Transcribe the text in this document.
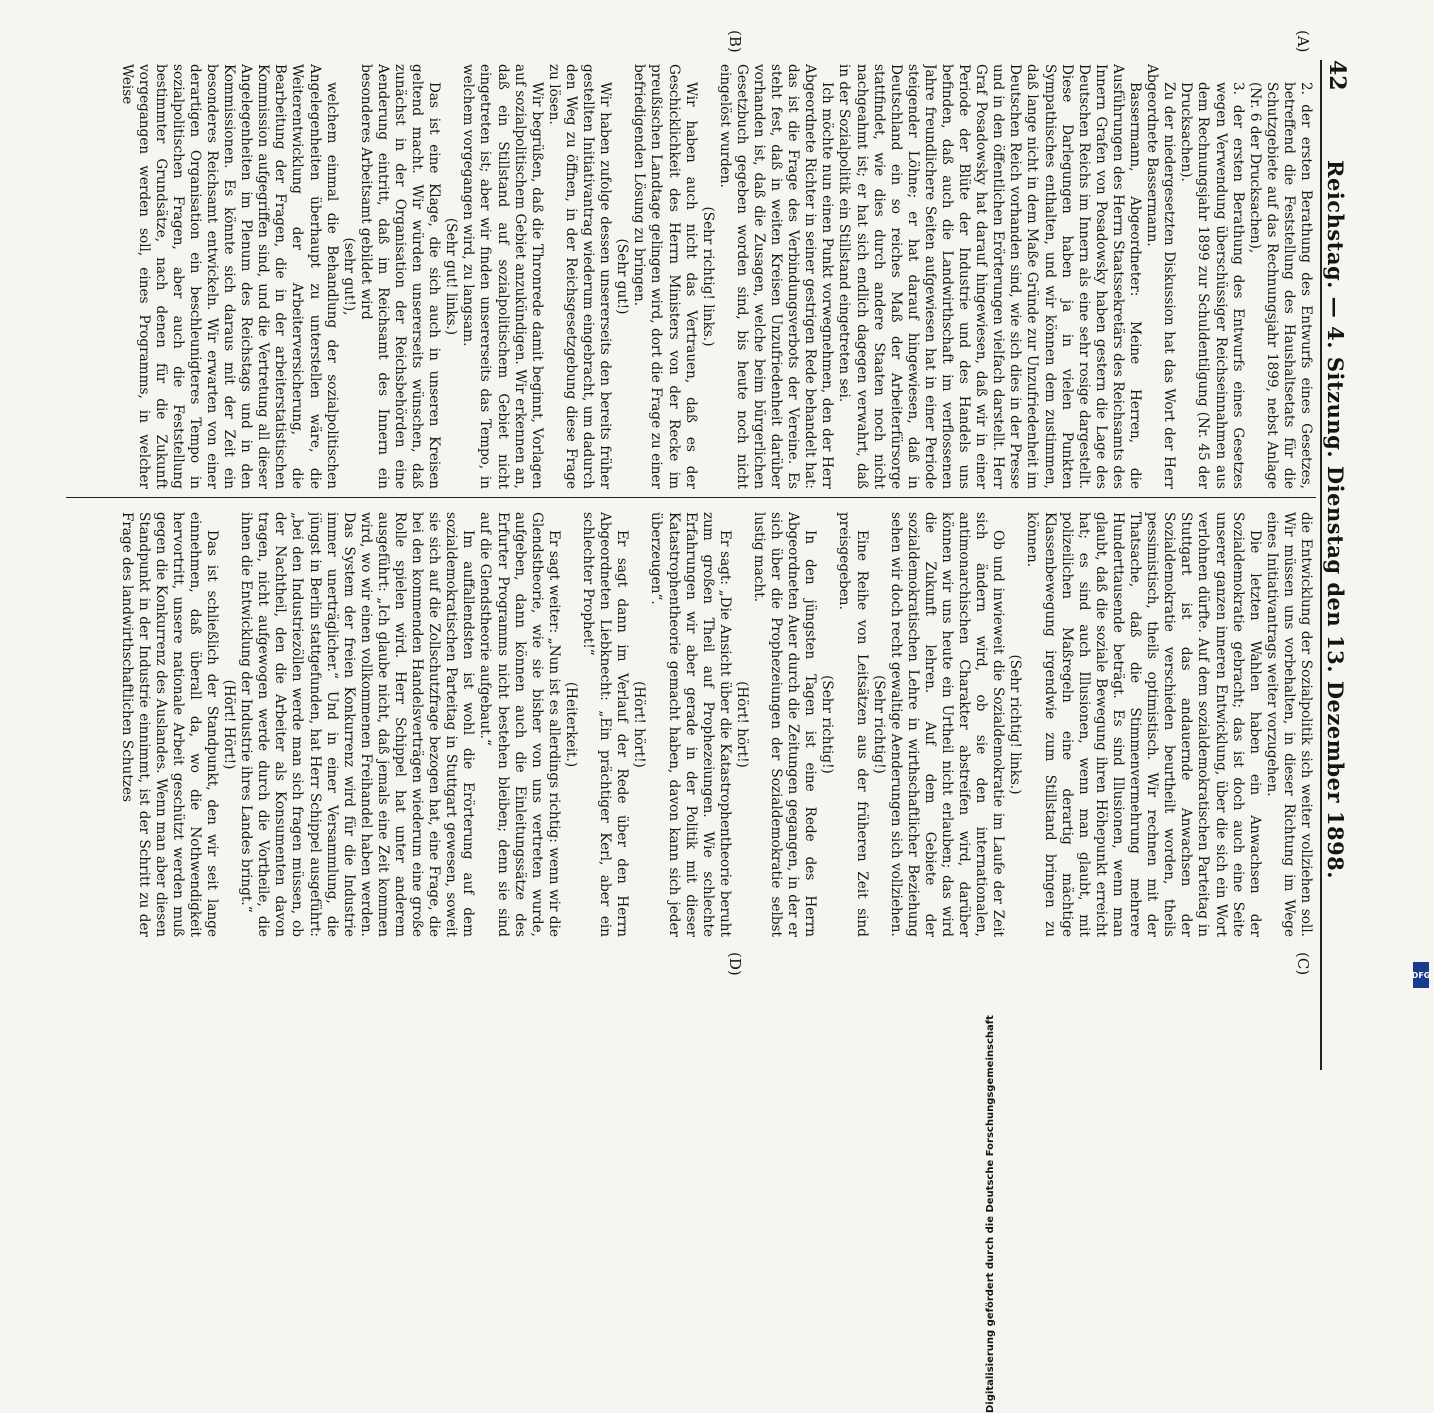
42
Reichstag. — 4. Sitzung. Dienstag den 13. Dezember 1898.
(A)
(B)
(C)
(D)

2. der ersten Berathung des Entwurfs eines Gesetzes, betreffend die Feststellung des Haushaltsetats für die Schutzgebiete auf das Rechnungsjahr 1899, nebst Anlage (Nr. 6 der Drucksachen),

3. der ersten Berathung des Entwurfs eines Gesetzes wegen Verwendung überschüssiger Reichseinnahmen aus dem Rechnungsjahr 1899 zur Schuldentilgung (Nr. 45 der Drucksachen).

Zu der niedergesetzten Diskussion hat das Wort der Herr Abgeordnete Bassermann.

Bassermann, Abgeordneter: Meine Herren, die Ausführungen des Herrn Staatssekretärs des Reichsamts des Innern Grafen von Posadowsky haben gestern die Lage des Deutschen Reichs im Innern als eine sehr rosige dargestellt. Diese Darlegungen haben ja in vielen Punkten Sympathisches enthalten, und wir können dem zustimmen, daß lange nicht in dem Maße Gründe zur Unzufriedenheit im Deutschen Reich vorhanden sind, wie sich dies in der Presse und in den öffentlichen Erörterungen vielfach darstellt. Herr Graf Posadowsky hat darauf hingewiesen, daß wir in einer Periode der Blüte der Industrie und des Handels uns befinden, daß auch die Landwirthschaft im verflossenen Jahre freundlichere Seiten aufgewiesen hat in einer Periode steigender Löhne; er hat darauf hingewiesen, daß in Deutschland ein so reiches Maß der Arbeiterfürsorge stattfindet, wie dies durch andere Staaten noch nicht nachgeahmt ist; er hat sich endlich dagegen verwahrt, daß in der Sozialpolitik ein Stillstand eingetreten sei.

Ich möchte nun einen Punkt vorwegnehmen, den der Herr Abgeordnete Richter in seiner gestrigen Rede behandelt hat: das ist die Frage des Verbindungsverbots der Vereine. Es steht fest, daß in weiten Kreisen Unzufriedenheit darüber vorhanden ist, daß die Zusagen, welche beim bürgerlichen Gesetzbuch gegeben worden sind, bis heute noch nicht eingelöst wurden.

(Sehr richtig! links.)

Wir haben auch nicht das Vertrauen, daß es der Geschicklichkeit des Herrn Ministers von der Recke im preußischen Landtage gelingen wird, dort die Frage zu einer befriedigenden Lösung zu bringen.

(Sehr gut!)

Wir haben zufolge dessen unsererseits den bereits früher gestellten Initiativantrag wiederum eingebracht, um dadurch den Weg zu öffnen, in der Reichsgesetzgebung diese Frage zu lösen.

Wir begrüßen, daß die Thronrede damit beginnt, Vorlagen auf sozialpolitischem Gebiet anzukündigen. Wir erkennen an, daß ein Stillstand auf sozialpolitischem Gebiet nicht eingetreten ist; aber wir finden unsererseits das Tempo, in welchem vorgegangen wird, zu langsam.

(Sehr gut! links.)

Das ist eine Klage, die sich auch in unseren Kreisen geltend macht. Wir würden unsererseits wünschen, daß zunächst in der Organisation der Reichsbehörden eine Aenderung eintritt, daß im Reichsamt des Innern ein besonderes Arbeitsamt gebildet wird

(sehr gut!),

welchem einmal die Behandlung der sozialpolitischen Angelegenheiten überhaupt zu unterstellen wäre, die Weiterentwicklung der Arbeiterversicherung, die Bearbeitung der Fragen, die in der arbeiterstatistischen Kommission aufgegriffen sind, und die Vertretung all dieser Angelegenheiten im Plenum des Reichstags und in den Kommissionen. Es könnte sich daraus mit der Zeit ein besonderes Reichsamt entwickeln. Wir erwarten von einer derartigen Organisation ein beschleunigteres Tempo in sozialpolitischen Fragen, aber auch die Feststellung bestimmter Grundsätze, nach denen für die Zukunft vorgegangen werden soll, eines Programms, in welcher Weise

die Entwicklung der Sozialpolitik sich weiter vollziehen soll. Wir müssen uns vorbehalten, in dieser Richtung im Wege eines Initiativantrags weiter vorzugehen.

Die letzten Wahlen haben ein Anwachsen der Sozialdemokratie gebracht; das ist doch auch eine Seite unserer ganzen inneren Entwicklung, über die sich ein Wort verlohnen dürfte. Auf dem sozialdemokratischen Parteitag in Stuttgart ist das andauernde Anwachsen der Sozialdemokratie verschieden beurtheilt worden, theils pessimistisch, theils optimistisch. Wir rechnen mit der Thatsache, daß die Stimmenvermehrung mehrere Hunderttausende beträgt. Es sind Illusionen, wenn man glaubt, daß die soziale Bewegung ihren Höhepunkt erreicht hat; es sind auch Illusionen, wenn man glaubt, mit polizeilichen Maßregeln eine derartig mächtige Klassenbewegung irgendwie zum Stillstand bringen zu können.

(Sehr richtig! links.)

Ob und inwieweit die Sozialdemokratie im Laufe der Zeit sich ändern wird, ob sie den internationalen, antimonarchischen Charakter abstreifen wird, darüber können wir uns heute ein Urtheil nicht erlauben; das wird die Zukunft lehren. Auf dem Gebiete der sozialdemokratischen Lehre in wirthschaftlicher Beziehung sehen wir doch recht gewaltige Aenderungen sich vollziehen.

(Sehr richtig!)

Eine Reihe von Leitsätzen aus der früheren Zeit sind preisgegeben.

(Sehr richtig!)

In den jüngsten Tagen ist eine Rede des Herrn Abgeordneten Auer durch die Zeitungen gegangen, in der er sich über die Prophezeiungen der Sozialdemokratie selbst lustig macht.

(Hört! hört!)

Er sagt: „Die Ansicht über die Katastrophentheorie beruht zum großen Theil auf Prophezeiungen. Wie schlechte Erfahrungen wir aber gerade in der Politik mit dieser Katastrophentheorie gemacht haben, davon kann sich jeder überzeugen“.

(Hört! hört!)

Er sagt dann im Verlauf der Rede über den Herrn Abgeordneten Liebknecht: „Ein prächtiger Kerl, aber ein schlechter Prophet!“

(Heiterkeit.)

Er sagt weiter: „Nun ist es allerdings richtig: wenn wir die Glendstheorie, wie sie bisher von uns vertreten wurde, aufgeben, dann können auch die Einleitungssätze des Erfurter Programms nicht bestehen bleiben; denn sie sind auf die Glendstheorie aufgebaut.“

Im auffallendsten ist wohl die Erörterung auf dem sozialdemokratischen Parteitag in Stuttgart gewesen, soweit sie sich auf die Zollschutzfrage bezogen hat, eine Frage, die bei den kommenden Handelsverträgen wiederum eine große Rolle spielen wird. Herr Schippel hat unter anderem ausgeführt: „Ich glaube nicht, daß jemals eine Zeit kommen wird, wo wir einen vollkommenen Freihandel haben werden. Das System der freien Konkurrenz wird für die Industrie immer unerträglicher.“ Und in einer Versammlung, die jüngst in Berlin stattgefunden, hat Herr Schippel ausgeführt: „bei den Industriezöllen werde man sich fragen müssen, ob der Nachtheil, den die Arbeiter als Konsumenten davon tragen, nicht aufgewogen werde durch die Vortheile, die ihnen die Entwicklung der Industrie ihres Landes bringt.“

(Hört! Hört!)

Das ist schließlich der Standpunkt, den wir seit lange einnehmen, daß überall da, wo die Nothwendigkeit hervortritt, unsere nationale Arbeit geschützt werden muß gegen die Konkurrenz des Auslandes. Wenn man aber diesen Standpunkt in der Industrie einnimmt, ist der Schritt zu der Frage des landwirthschaftlichen Schutzes

Digitalisierung gefördert durch die Deutsche Forschungsgemeinschaft
DFG
